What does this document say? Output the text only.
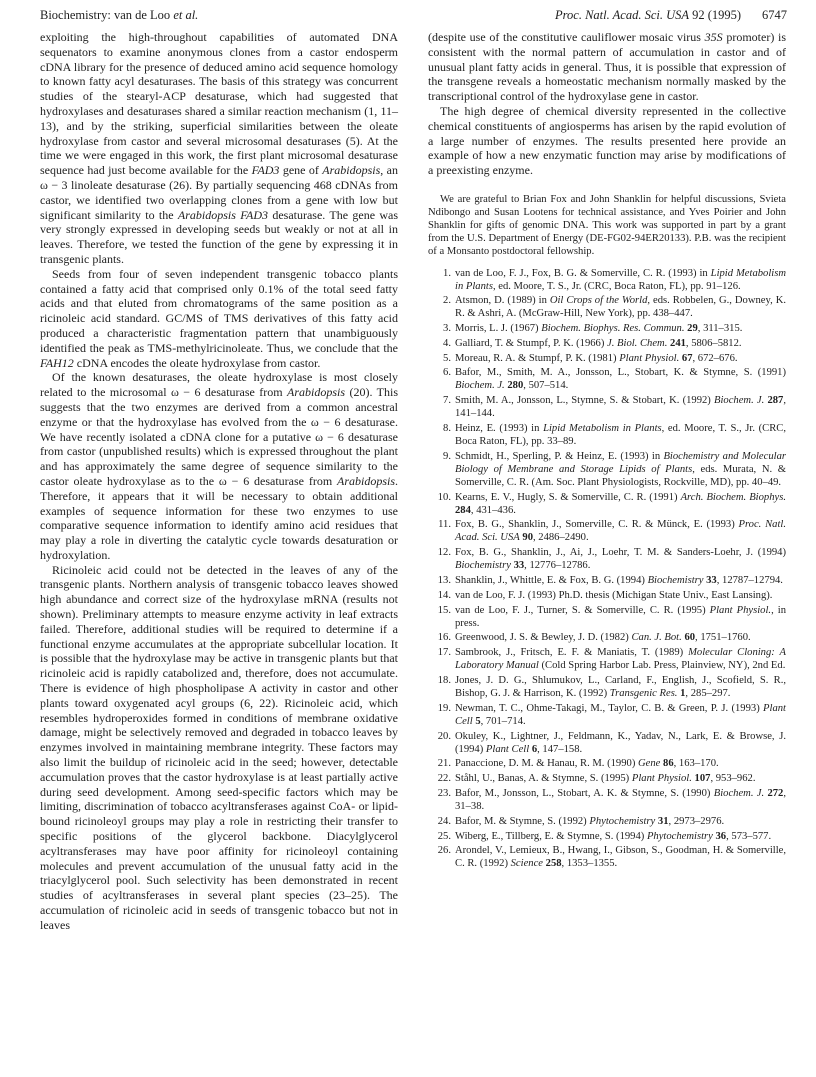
Biochemistry: van de Loo et al.	Proc. Natl. Acad. Sci. USA 92 (1995) 6747

exploiting the high-throughout capabilities of automated DNA sequenators to examine anonymous clones from a castor endosperm cDNA library for the presence of deduced amino acid sequence homology to known fatty acyl desaturases. The basis of this strategy was concurrent studies of the stearyl-ACP desaturase, which had suggested that hydroxylases and desaturases shared a similar reaction mechanism (1, 11–13), and by the striking, superficial similarities between the oleate hydroxylase from castor and several microsomal desaturases (5). At the time we were engaged in this work, the first plant microsomal desaturase sequence had just become available for the FAD3 gene of Arabidopsis, an ω − 3 linoleate desaturase (26). By partially sequencing 468 cDNAs from castor, we identified two overlapping clones from a gene with low but significant similarity to the Arabidopsis FAD3 desaturase. The gene was very strongly expressed in developing seeds but weakly or not at all in leaves. Therefore, we tested the function of the gene by expressing it in transgenic plants.

Seeds from four of seven independent transgenic tobacco plants contained a fatty acid that comprised only 0.1% of the total seed fatty acids and that eluted from chromatograms of the same position as a ricinoleic acid standard. GC/MS of TMS derivatives of this fatty acid produced a characteristic fragmentation pattern that unambiguously identified the peak as TMS-methylricinoleate. Thus, we conclude that the FAH12 cDNA encodes the oleate hydroxylase from castor.

Of the known desaturases, the oleate hydroxylase is most closely related to the microsomal ω − 6 desaturase from Arabidopsis (20). This suggests that the two enzymes are derived from a common ancestral enzyme or that the hydroxylase has evolved from the ω − 6 desaturase. We have recently isolated a cDNA clone for a putative ω − 6 desaturase from castor (unpublished results) which is expressed throughout the plant and has approximately the same degree of sequence similarity to the castor oleate hydroxylase as to the ω − 6 desaturase from Arabidopsis. Therefore, it appears that it will be necessary to obtain additional examples of sequence information for these two enzymes to use comparative sequence information to identify amino acid residues that may play a role in diverting the catalytic cycle towards desaturation or hydroxylation.

Ricinoleic acid could not be detected in the leaves of any of the transgenic plants. Northern analysis of transgenic tobacco leaves showed high abundance and correct size of the hydroxylase mRNA (results not shown). Preliminary attempts to measure enzyme activity in leaf extracts failed. Therefore, additional studies will be required to determine if a functional enzyme accumulates at the appropriate subcellular location. It is possible that the hydroxylase may be active in transgenic plants but that ricinoleic acid is rapidly catabolized and, therefore, does not accumulate. There is evidence of high phospholipase A activity in castor and other plants toward oxygenated acyl groups (6, 22). Ricinoleic acid, which resembles hydroperoxides formed in conditions of membrane oxidative damage, might be selectively removed and degraded in tobacco leaves by enzymes involved in maintaining membrane integrity. These factors may also limit the buildup of ricinoleic acid in the seed; however, detectable accumulation proves that the castor hydroxylase is at least partially active during seed development. Among seed-specific factors which may be limiting, discrimination of tobacco acyltransferases against CoA- or lipid-bound ricinoleoyl groups may play a role in restricting their transfer to specific positions of the glycerol backbone. Diacylglycerol acyltransferases may have poor affinity for ricinoleoyl containing molecules and prevent accumulation of the unusual fatty acid in the triacylglycerol pool. Such selectivity has been demonstrated in recent studies of acyltransferases in several plant species (23–25). The accumulation of ricinoleic acid in seeds of transgenic tobacco but not in leaves

(despite use of the constitutive cauliflower mosaic virus 35S promoter) is consistent with the normal pattern of accumulation in castor and of unusual plant fatty acids in general. Thus, it is possible that expression of the transgene reveals a homeostatic mechanism normally masked by the transcriptional control of the hydroxylase gene in castor.

The high degree of chemical diversity represented in the collective chemical constituents of angiosperms has arisen by the rapid evolution of a large number of enzymes. The results presented here provide an example of how a new enzymatic function may arise by modifications of a preexisting enzyme.

We are grateful to Brian Fox and John Shanklin for helpful discussions, Svieta Ndibongo and Susan Lootens for technical assistance, and Yves Poirier and John Shanklin for gifts of genomic DNA. This work was supported in part by a grant from the U.S. Department of Energy (DE-FG02-94ER20133). P.B. was the recipient of a Monsanto postdoctoral fellowship.

1. van de Loo, F. J., Fox, B. G. & Somerville, C. R. (1993) in Lipid Metabolism in Plants, ed. Moore, T. S., Jr. (CRC, Boca Raton, FL), pp. 91–126.
2. Atsmon, D. (1989) in Oil Crops of the World, eds. Robbelen, G., Downey, K. R. & Ashri, A. (McGraw-Hill, New York), pp. 438–447.
3. Morris, L. J. (1967) Biochem. Biophys. Res. Commun. 29, 311–315.
4. Galliard, T. & Stumpf, P. K. (1966) J. Biol. Chem. 241, 5806–5812.
5. Moreau, R. A. & Stumpf, P. K. (1981) Plant Physiol. 67, 672–676.
6. Bafor, M., Smith, M. A., Jonsson, L., Stobart, K. & Stymne, S. (1991) Biochem. J. 280, 507–514.
7. Smith, M. A., Jonsson, L., Stymne, S. & Stobart, K. (1992) Biochem. J. 287, 141–144.
8. Heinz, E. (1993) in Lipid Metabolism in Plants, ed. Moore, T. S., Jr. (CRC, Boca Raton, FL), pp. 33–89.
9. Schmidt, H., Sperling, P. & Heinz, E. (1993) in Biochemistry and Molecular Biology of Membrane and Storage Lipids of Plants, eds. Murata, N. & Somerville, C. R. (Am. Soc. Plant Physiologists, Rockville, MD), pp. 40–49.
10. Kearns, E. V., Hugly, S. & Somerville, C. R. (1991) Arch. Biochem. Biophys. 284, 431–436.
11. Fox, B. G., Shanklin, J., Somerville, C. R. & Münck, E. (1993) Proc. Natl. Acad. Sci. USA 90, 2486–2490.
12. Fox, B. G., Shanklin, J., Ai, J., Loehr, T. M. & Sanders-Loehr, J. (1994) Biochemistry 33, 12776–12786.
13. Shanklin, J., Whittle, E. & Fox, B. G. (1994) Biochemistry 33, 12787–12794.
14. van de Loo, F. J. (1993) Ph.D. thesis (Michigan State Univ., East Lansing).
15. van de Loo, F. J., Turner, S. & Somerville, C. R. (1995) Plant Physiol., in press.
16. Greenwood, J. S. & Bewley, J. D. (1982) Can. J. Bot. 60, 1751–1760.
17. Sambrook, J., Fritsch, E. F. & Maniatis, T. (1989) Molecular Cloning: A Laboratory Manual (Cold Spring Harbor Lab. Press, Plainview, NY), 2nd Ed.
18. Jones, J. D. G., Shlumukov, L., Carland, F., English, J., Scofield, S. R., Bishop, G. J. & Harrison, K. (1992) Transgenic Res. 1, 285–297.
19. Newman, T. C., Ohme-Takagi, M., Taylor, C. B. & Green, P. J. (1993) Plant Cell 5, 701–714.
20. Okuley, K., Lightner, J., Feldmann, K., Yadav, N., Lark, E. & Browse, J. (1994) Plant Cell 6, 147–158.
21. Panaccione, D. M. & Hanau, R. M. (1990) Gene 86, 163–170.
22. Ståhl, U., Banas, A. & Stymne, S. (1995) Plant Physiol. 107, 953–962.
23. Bafor, M., Jonsson, L., Stobart, A. K. & Stymne, S. (1990) Biochem. J. 272, 31–38.
24. Bafor, M. & Stymne, S. (1992) Phytochemistry 31, 2973–2976.
25. Wiberg, E., Tillberg, E. & Stymne, S. (1994) Phytochemistry 36, 573–577.
26. Arondel, V., Lemieux, B., Hwang, I., Gibson, S., Goodman, H. & Somerville, C. R. (1992) Science 258, 1353–1355.
